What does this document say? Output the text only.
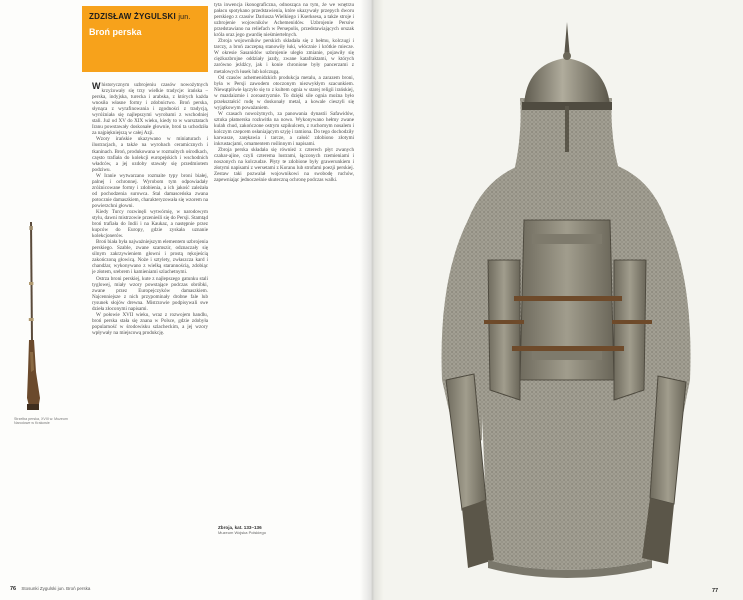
ZDZISŁAW ŻYGULSKI jun.
Broń perska
Strzelba perska, XVIII w. Muzeum Narodowe w Krakowie

Whistorycznym uzbrojeniu czasów nowożytnych krzyżowały się trzy wielkie tradycje: irańska – perska, indyjska, turecka i arabska, z których każda wnosiła własne formy i zdobnictwo. Broń perska, słynąca z wyrafinowania i zgodności z tradycją, wyróżniała się najlepszymi wyrobami z wschodniej stali. Już od XV do XIX wieku, kiedy to w warsztatach Iranu powstawały doskonałe głownie, broń ta uchodziła za najpiękniejszą w całej Azji.

Wzory irańskie ukazywano w miniaturach i ilustracjach, a także na wyrobach ceramicznych i tkaninach. Broń, produkowana w rozmaitych ośrodkach, często trafiała do kolekcji europejskich i wschodnich władców, a jej ozdoby stawały się przedmiotem podziwu.

W Iranie wytwarzano rozmaite typy broni białej, palnej i ochronnej. Wyrobom tym odpowiadały zróżnicowane formy i zdobienia, a ich jakość zależała od pochodzenia surowca. Stal damasceńska zwana potocznie damaszkiem, charakteryzowała się wzorem na powierzchni głowni.

Kiedy Turcy rozwinęli wytwórnię, w narodowym stylu, dawni mistrzowie przenieśli się do Persji. Stamtąd broń trafiała do Indii i na Kaukaz, a następnie przez kupców do Europy, gdzie zyskała uznanie kolekcjonerów.

Broń biała była najważniejszym elementem uzbrojenia perskiego. Szable, zwane szamszir, odznaczały się silnym zakrzywieniem głowni i prostą rękojeścią zakończoną głowicą. Noże i sztylety, zwłaszcza kard i chandżar, wykonywano z wielką starannością, zdobiąc je złotem, srebrem i kamieniami szlachetnymi.

Ostrza broni perskiej, kute z najlepszego gatunku stali tyglowej, miały wzory powstające podczas obróbki, zwane przez Europejczyków damaszkiem. Najcenniejsze z nich przypominały drobne fale lub rysunek słojów drewna. Mistrzowie podpisywali swe dzieła złoconymi napisami.

W połowie XVII wieku, wraz z rozwojem handlu, broń perska stała się znana w Polsce, gdzie zdobyła popularność w środowisku szlacheckim, a jej wzory wpływały na miejscową produkcję.

tyta inwencja ikonograficzna, odnosząca na tym, że we wnętrzu pałacu spotykano przedstawienia, które ukazywały przepych dworu perskiego z czasów Dariusza Wielkiego i Kserksesa, a także stroje i uzbrojenie wojowników Achemenidów. Uzbrojenie Persów przedstawiano na reliefach w Persepolis, przedstawiających orszak króla oraz jego gwardię nieśmiertelnych.

Zbroja wojowników perskich składała się z hełmu, kolczugi i tarczy, a broń zaczepną stanowiły łuki, włócznie i krótkie miecze. W okresie Sasanidów uzbrojenie uległo zmianie, pojawiły się ciężkozbrojne oddziały jazdy, zwane katafraktami, w których zarówno jeźdźcy, jak i konie chronione były pancerzami z metalowych łusek lub kolczugą.

Od czasów achemenidzkich produkcja metalu, a zarazem broni, była w Persji zawodem otoczonym niezwykłym szacunkiem. Niewątpliwie łączyło się to z kultem ognia w starej religii irańskiej, w mazdaizmie i zoroastryzmie. To dzięki sile ognia można było przekształcić rudę w doskonały metal, a kowale cieszyli się wyjątkowym poważaniem.

W czasach nowożytnych, za panowania dynastii Safawidów, sztuka płatnerska rozkwitła na nowo. Wykonywano hełmy zwane kulah chud, zakończone ostrym szpikulcem, z ruchomym nosalem i kolczym czepcem osłaniającym szyję i ramiona. Do tego dochodziły karwasze, zarękawia i tarcze, a całość zdobiono złotymi inkrustacjami, ornamentem roślinnym i napisami.

Zbroja perska składała się również z czterech płyt zwanych czahar-ajine, czyli czterema lustrami, łączonych rzemieniami i noszonych na kolczudze. Płyty te zdobione były grawerunkiem i złotymi napisami z wersetami z Koranu lub strofami poezji perskiej. Zestaw taki pozwalał wojownikowi na swobodę ruchów, zapewniając jednocześnie skuteczną ochronę podczas walki.

Zbroja, kat. 133–136
Muzeum Wojska Polskiego
76 Stosunki Zygulski jun. Broń perska	77
